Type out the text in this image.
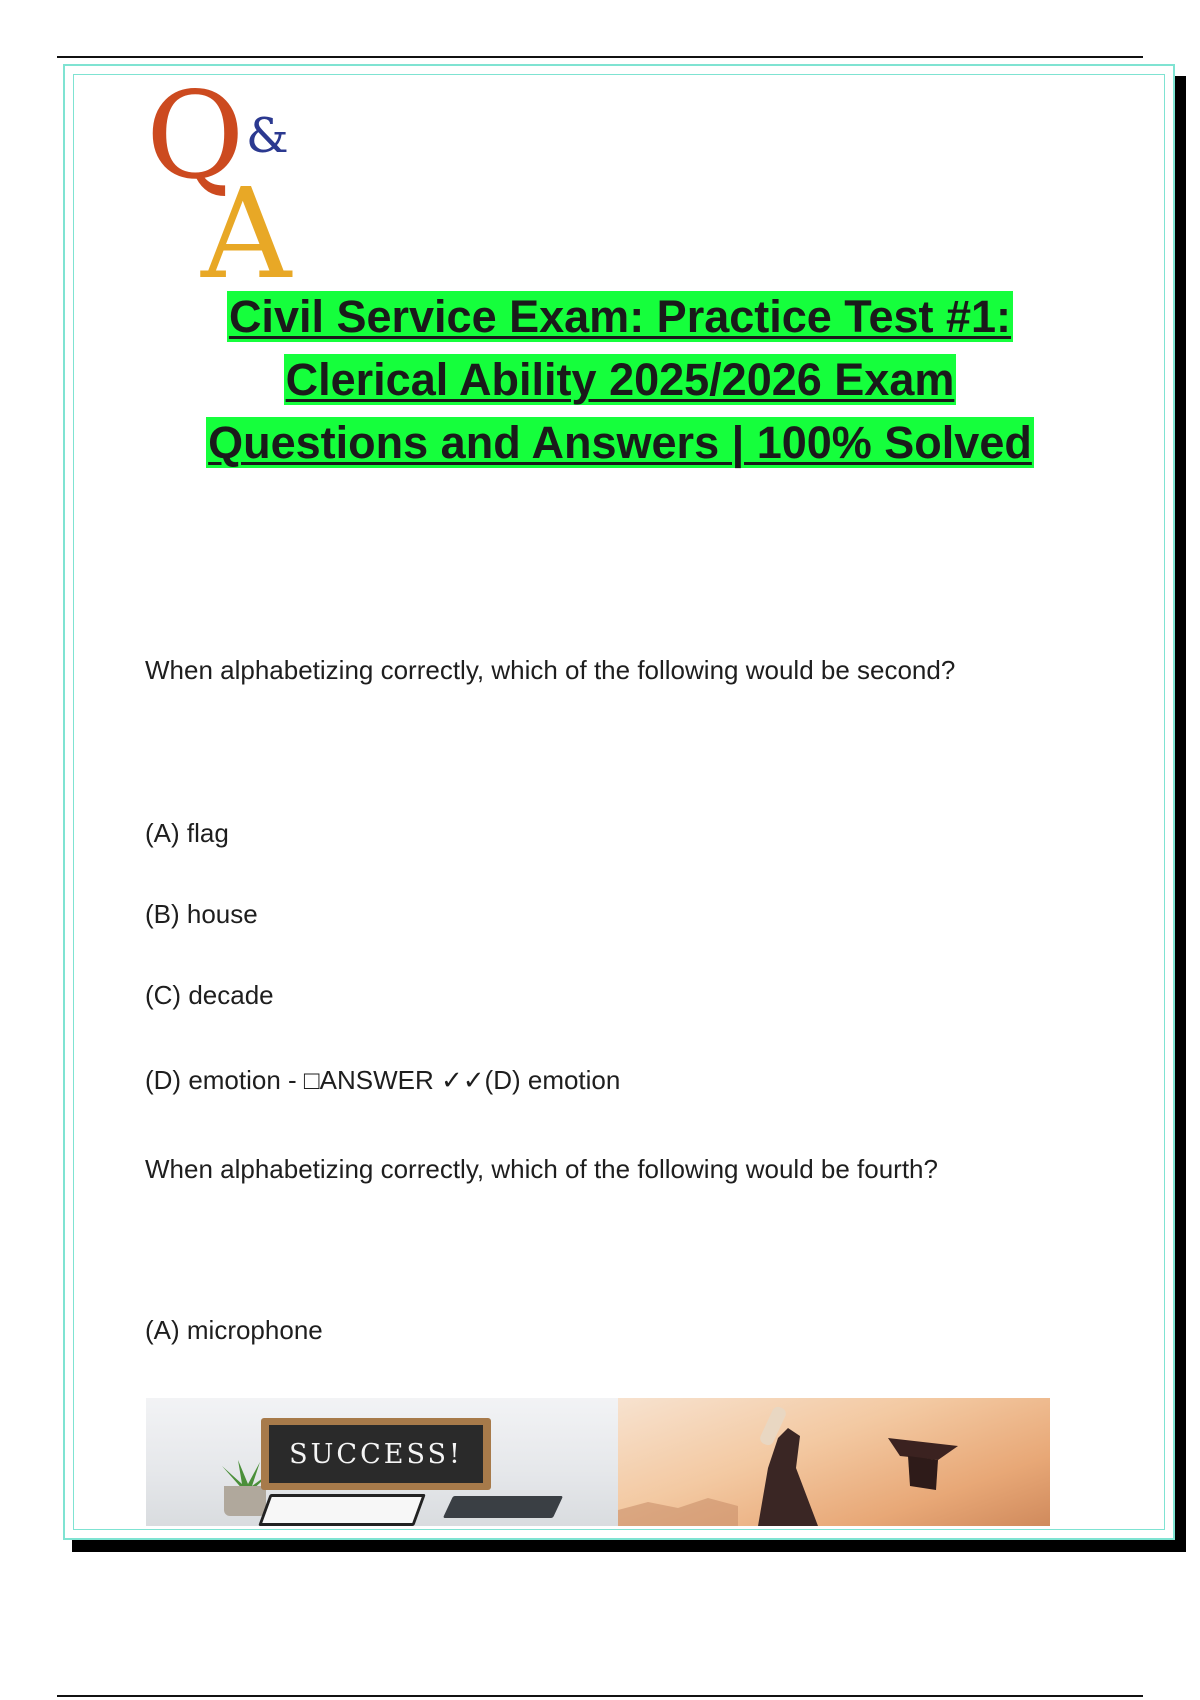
Q &
A
Civil Service Exam: Practice Test #1:
Clerical Ability 2025/2026 Exam
Questions and Answers | 100% Solved
When alphabetizing correctly, which of the following would be second?
(A) flag
(B) house
(C) decade
(D) emotion - □ANSWER ✓✓(D) emotion
When alphabetizing correctly, which of the following would be fourth?
(A) microphone
SUCCESS!
